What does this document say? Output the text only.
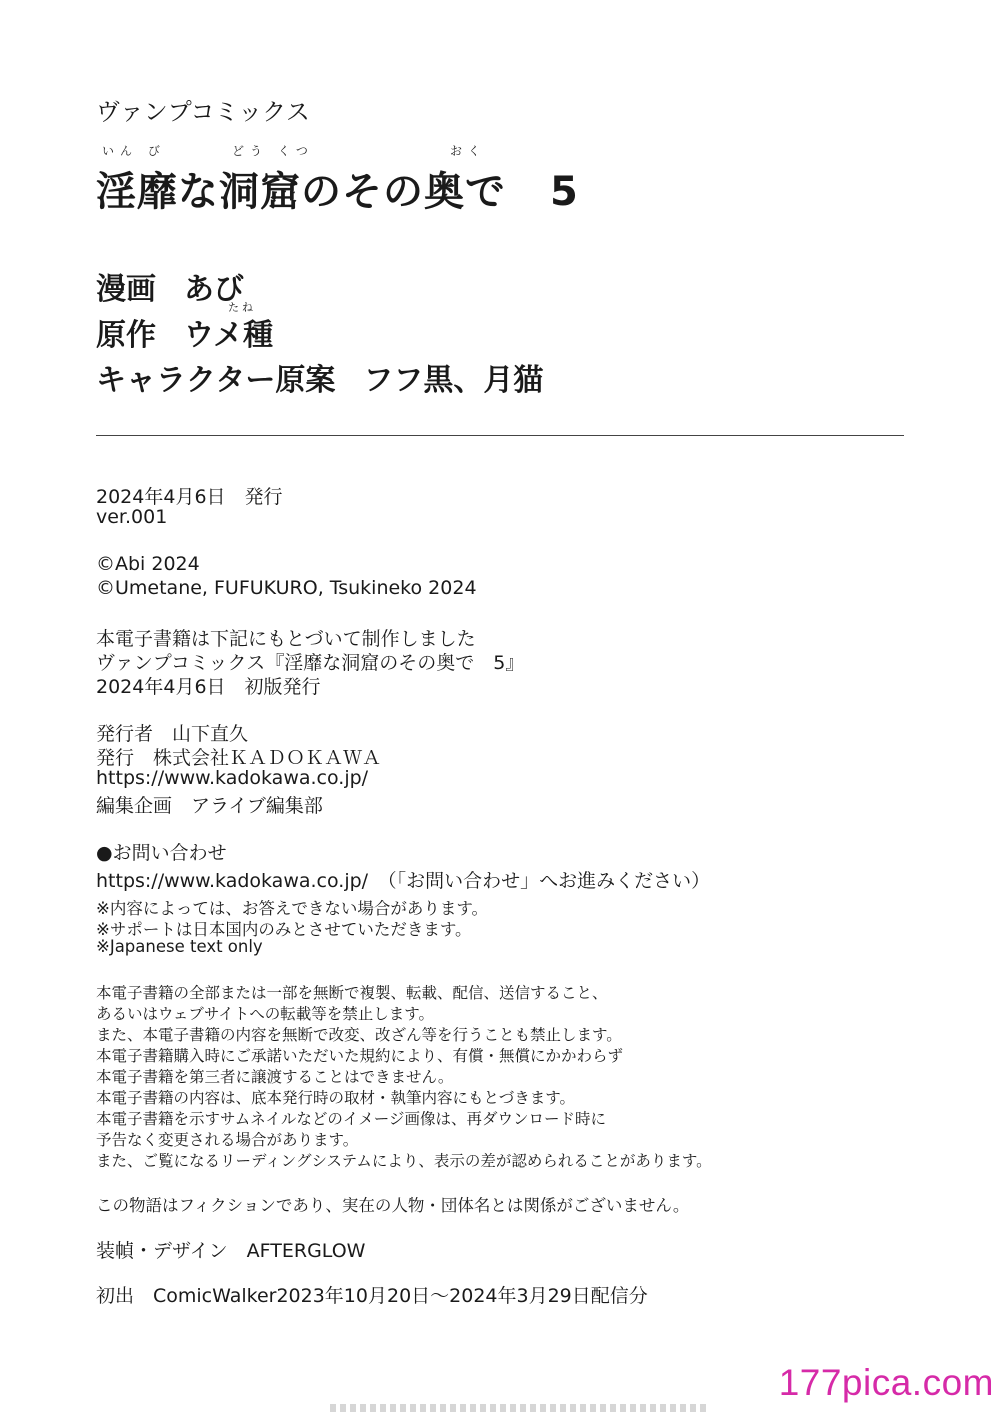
ヴァンプコミックス
いん び	どう くつ	おく
淫靡な洞窟のその奥で 5
漫画 あび
たね
原作 ウメ種
キャラクター原案 フフ黒、月猫
2024年4月6日　発行
ver.001
©Abi 2024
©Umetane, FUFUKURO, Tsukineko 2024
本電子書籍は下記にもとづいて制作しました
ヴァンプコミックス『淫靡な洞窟のその奥で　5』
2024年4月6日　初版発行
発行者　山下直久
発行　株式会社ＫＡＤＯＫＡＷＡ
https://www.kadokawa.co.jp/
編集企画　アライブ編集部
●お問い合わせ
https://www.kadokawa.co.jp/　（「お問い合わせ」へお進みください）
※内容によっては、お答えできない場合があります。
※サポートは日本国内のみとさせていただきます。
※Japanese text only
本電子書籍の全部または一部を無断で複製、転載、配信、送信すること、
あるいはウェブサイトへの転載等を禁止します。
また、本電子書籍の内容を無断で改変、改ざん等を行うことも禁止します。
本電子書籍購入時にご承諾いただいた規約により、有償・無償にかかわらず
本電子書籍を第三者に譲渡することはできません。
本電子書籍の内容は、底本発行時の取材・執筆内容にもとづきます。
本電子書籍を示すサムネイルなどのイメージ画像は、再ダウンロード時に
予告なく変更される場合があります。
また、ご覧になるリーディングシステムにより、表示の差が認められることがあります。
この物語はフィクションであり、実在の人物・団体名とは関係がございません。
装幀・デザイン　AFTERGLOW
初出　ComicWalker2023年10月20日～2024年3月29日配信分
177pica.com
